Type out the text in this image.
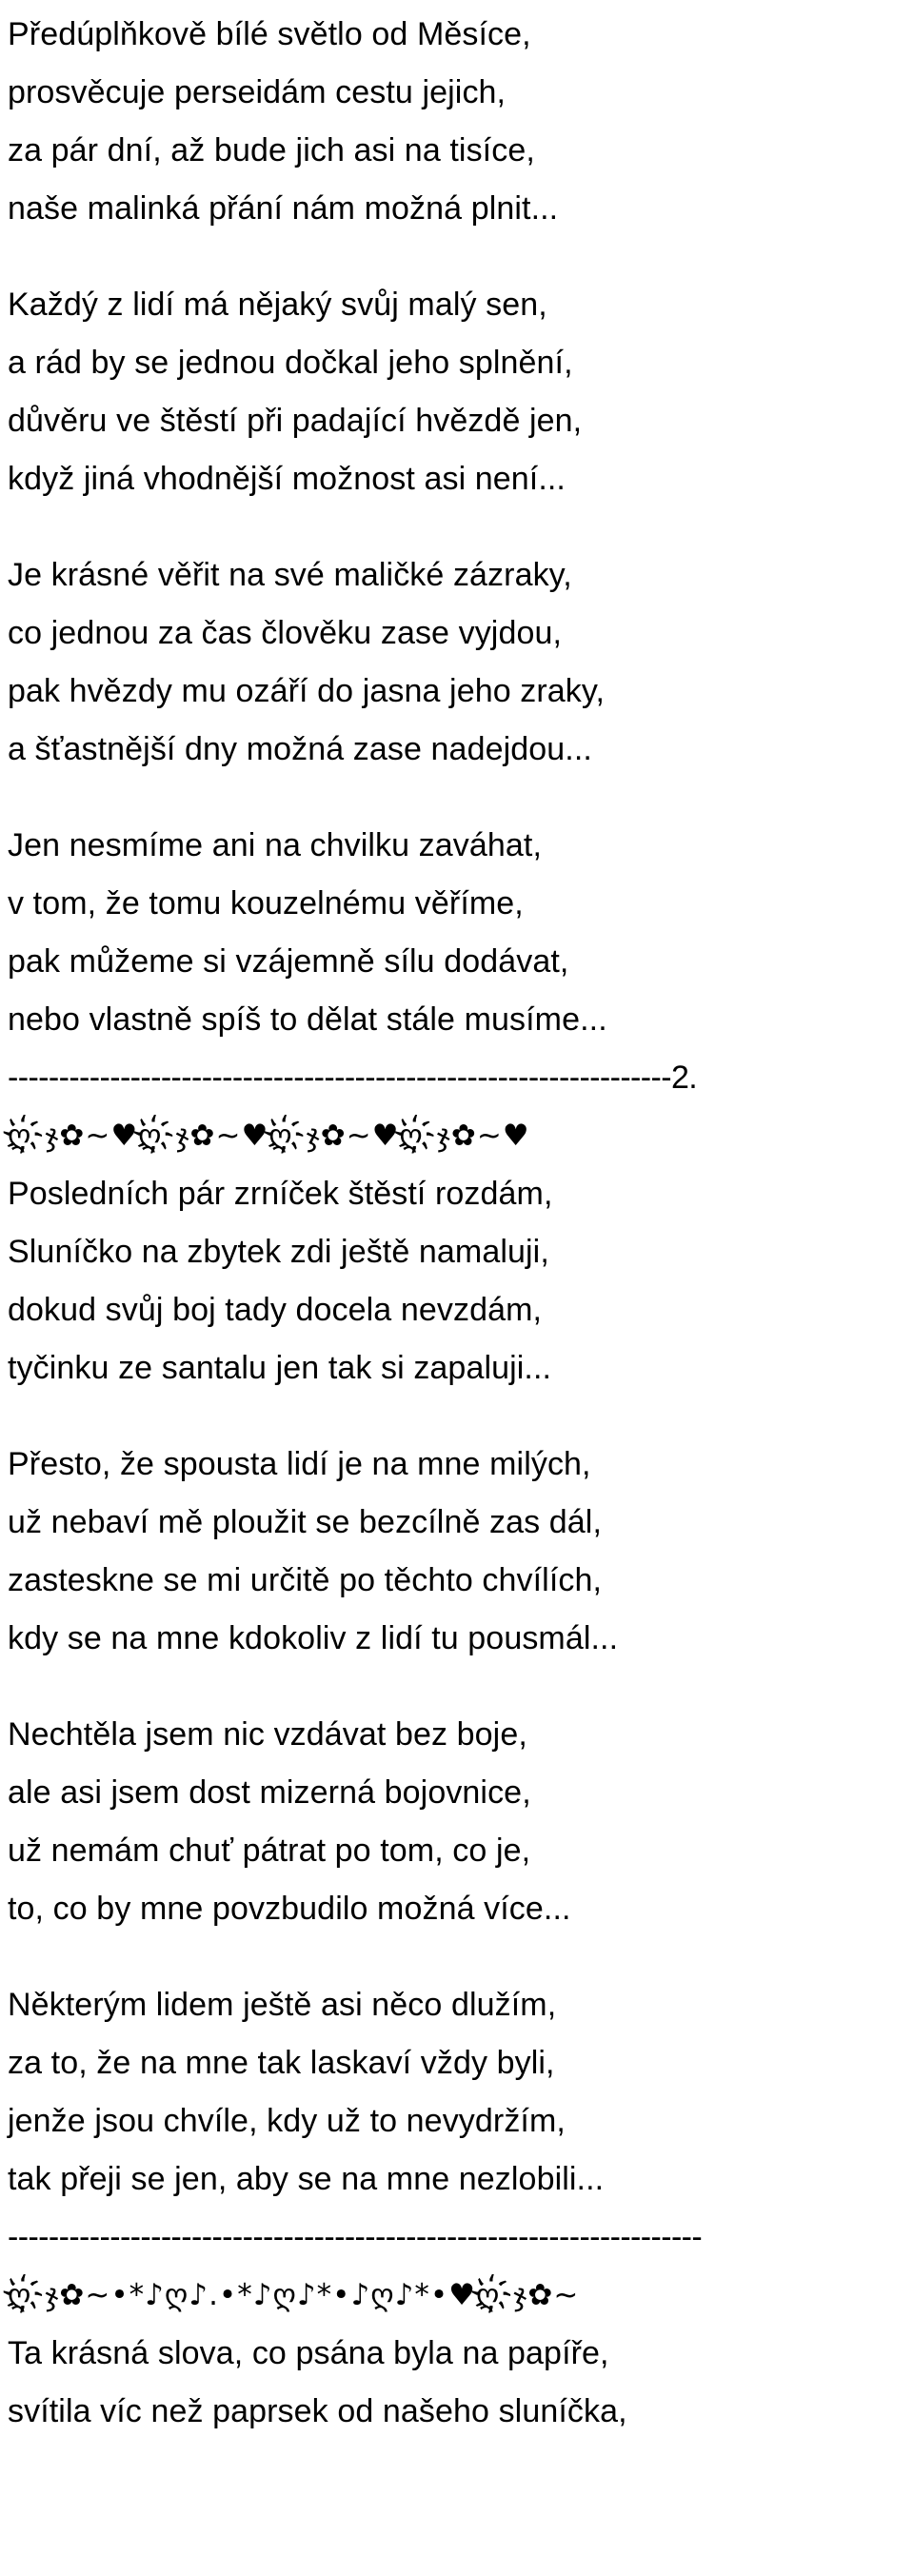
Předúplňkově bílé světlo od Měsíce,
prosvěcuje perseidám cestu jejich,
za pár dní, až bude jich asi na tisíce,
naše malinká přání nám možná plnit...
Každý z lidí má nějaký svůj malý sen,
a rád by se jednou dočkal jeho splnění,
důvěru ve štěstí při padající hvězdě jen,
když jiná vhodnější možnost asi není...
Je krásné věřit na své maličké zázraky,
co jednou za čas člověku zase vyjdou,
pak hvězdy mu ozáří do jasna jeho zraky,
a šťastnější dny možná zase nadejdou...
Jen nesmíme ani na chvilku zaváhat,
v tom, že tomu kouzelnému věříme,
pak můžeme si vzájemně sílu dodávat,
nebo vlastně spíš to dělat stále musíme...
-----------------------------------------------------------------2.
ღ҉ჯ✿~♥ღ҉ჯ✿~♥ღ҉ჯ✿~♥ღ҉ჯ✿~♥
Posledních pár zrníček štěstí rozdám,
Sluníčko na zbytek zdi ještě namaluji,
dokud svůj boj tady docela nevzdám,
tyčinku ze santalu jen tak si zapaluji...
Přesto, že spousta lidí je na mne milých,
už nebaví mě ploužit se bezcílně zas dál,
zasteskne se mi určitě po těchto chvílích,
kdy se na mne kdokoliv z lidí tu pousmál...
Nechtěla jsem nic vzdávat bez boje,
ale asi jsem dost mizerná bojovnice,
už nemám chuť pátrat po tom, co je,
to, co by mne povzbudilo možná více...
Některým lidem ještě asi něco dlužím,
za to, že na mne tak laskaví vždy byli,
jenže jsou chvíle, kdy už to nevydržím,
tak přeji se jen, aby se na mne nezlobili...
--------------------------------------------------------------------
ღ҉ჯ✿~•*♪ღ♪.•*♪ღ♪*•♪ღ♪*•♥ღ҉ჯ✿~
Ta krásná slova, co psána byla na papíře,
svítila víc než paprsek od našeho sluníčka,
